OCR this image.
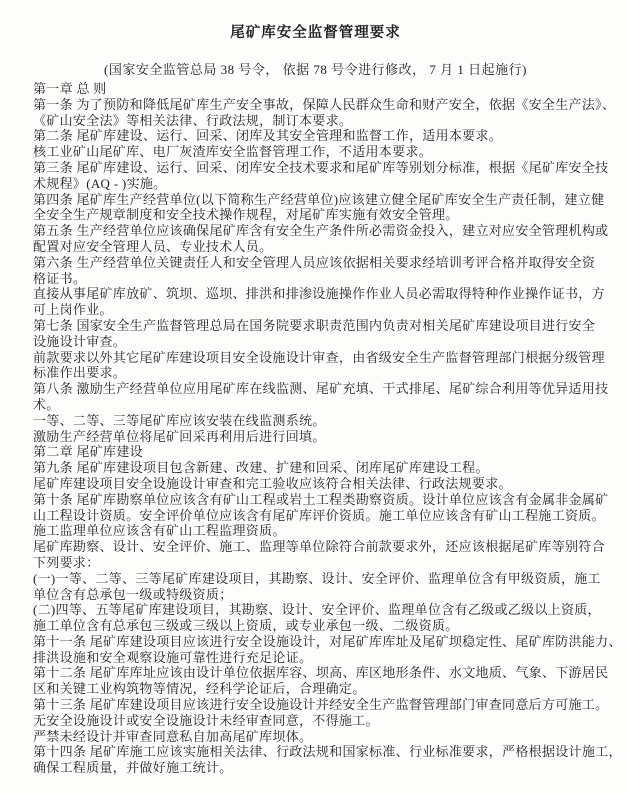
尾矿库安全监督管理要求
(国家安全监管总局 38 号令， 依据 78 号令进行修改， 7 月 1 日起施行)
第一章 总 则
第一条 为了预防和降低尾矿库生产安全事故，保障人民群众生命和财产安全，依据《安全生产法》、
《矿山安全法》等相关法律、行政法规，制订本要求。
第二条 尾矿库建设、运行、回采、闭库及其安全管理和监督工作，适用本要求。
核工业矿山尾矿库、电厂灰渣库安全监督管理工作，不适用本要求。
第三条 尾矿库建设、运行、回采、闭库安全技术要求和尾矿库等别划分标准，根据《尾矿库安全技
术规程》(AQ - )实施。
第四条 尾矿库生产经营单位(以下简称生产经营单位)应该建立健全尾矿库安全生产责任制，建立健
全安全生产规章制度和安全技术操作规程，对尾矿库实施有效安全管理。
第五条 生产经营单位应该确保尾矿库含有安全生产条件所必需资金投入，建立对应安全管理机构或
配置对应安全管理人员、专业技术人员。
第六条 生产经营单位关键责任人和安全管理人员应该依据相关要求经培训考评合格并取得安全资
格证书。
直接从事尾矿库放矿、筑坝、巡坝、排洪和排渗设施操作作业人员必需取得特种作业操作证书，方
可上岗作业。
第七条 国家安全生产监督管理总局在国务院要求职责范围内负责对相关尾矿库建设项目进行安全
设施设计审查。
前款要求以外其它尾矿库建设项目安全设施设计审查，由省级安全生产监督管理部门根据分级管理
标准作出要求。
第八条 激励生产经营单位应用尾矿库在线监测、尾矿充填、干式排尾、尾矿综合利用等优异适用技
术。
一等、二等、三等尾矿库应该安装在线监测系统。
激励生产经营单位将尾矿回采再利用后进行回填。
第二章 尾矿库建设
第九条 尾矿库建设项目包含新建、改建、扩建和回采、闭库尾矿库建设工程。
尾矿库建设项目安全设施设计审查和完工验收应该符合相关法律、行政法规要求。
第十条 尾矿库勘察单位应该含有矿山工程或岩土工程类勘察资质。设计单位应该含有金属非金属矿
山工程设计资质。安全评价单位应该含有尾矿库评价资质。施工单位应该含有矿山工程施工资质。
施工监理单位应该含有矿山工程监理资质。
尾矿库勘察、设计、安全评价、施工、监理等单位除符合前款要求外，还应该根据尾矿库等别符合
下列要求：
(一)一等、二等、三等尾矿库建设项目，其勘察、设计、安全评价、监理单位含有甲级资质，施工
单位含有总承包一级或特级资质；
(二)四等、五等尾矿库建设项目，其勘察、设计、安全评价、监理单位含有乙级或乙级以上资质，
施工单位含有总承包三级或三级以上资质，或专业承包一级、二级资质。
第十一条 尾矿库建设项目应该进行安全设施设计，对尾矿库库址及尾矿坝稳定性、尾矿库防洪能力、
排洪设施和安全观察设施可靠性进行充足论证。
第十二条 尾矿库库址应该由设计单位依据库容、坝高、库区地形条件、水文地质、气象、下游居民
区和关键工业构筑物等情况，经科学论证后，合理确定。
第十三条 尾矿库建设项目应该进行安全设施设计并经安全生产监督管理部门审查同意后方可施工。
无安全设施设计或安全设施设计未经审查同意，不得施工。
严禁未经设计并审查同意私自加高尾矿库坝体。
第十四条 尾矿库施工应该实施相关法律、行政法规和国家标准、行业标准要求，严格根据设计施工，
确保工程质量，并做好施工统计。
